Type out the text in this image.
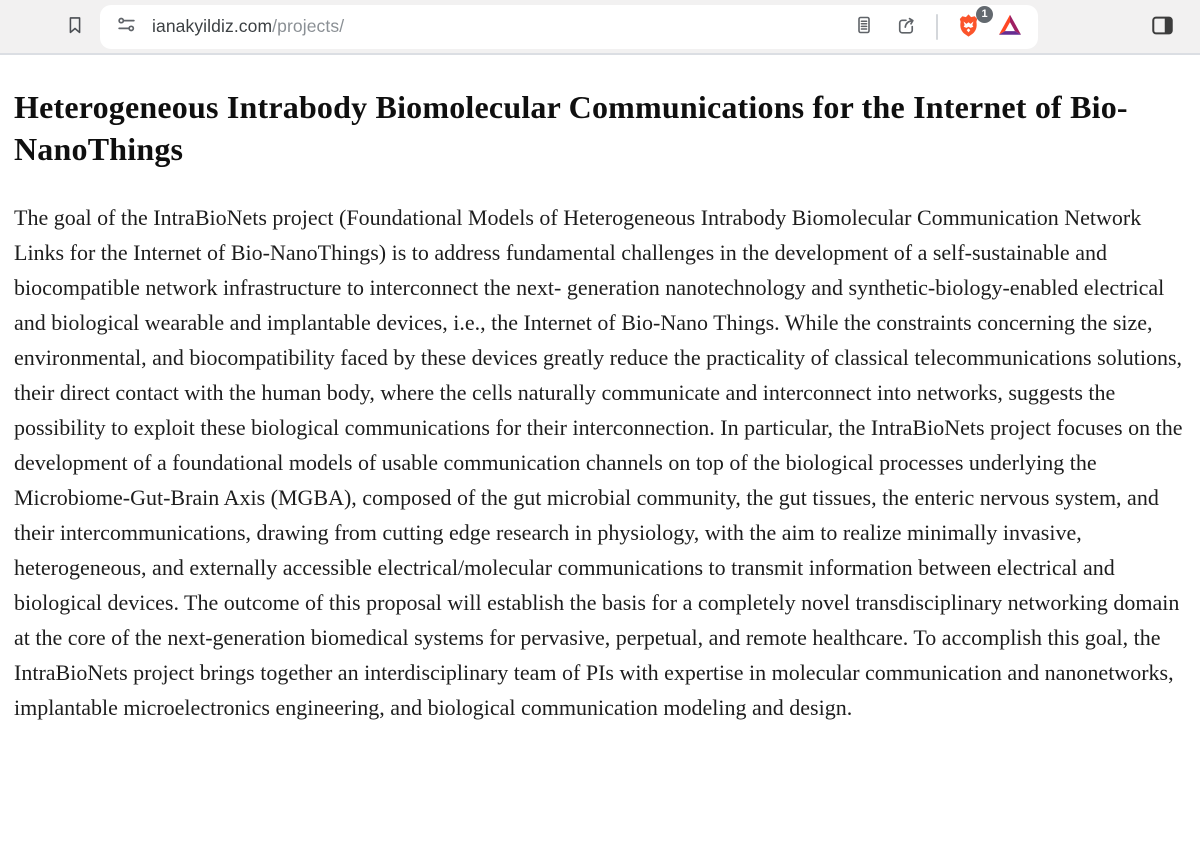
ianakyildiz.com/projects/
1
Heterogeneous Intrabody Biomolecular Communications for the Internet of Bio-NanoThings

The goal of the IntraBioNets project (Foundational Models of Heterogeneous Intrabody Biomolecular Communication Network Links for the Internet of Bio-NanoThings) is to address fundamental challenges in the development of a self-sustainable and biocompatible network infrastructure to interconnect the next- generation nanotechnology and synthetic-biology-enabled electrical and biological wearable and implantable devices, i.e., the Internet of Bio-Nano Things. While the constraints concerning the size, environmental, and biocompatibility faced by these devices greatly reduce the practicality of classical telecommunications solutions, their direct contact with the human body, where the cells naturally communicate and interconnect into networks, suggests the possibility to exploit these biological communications for their interconnection. In particular, the IntraBioNets project focuses on the development of a foundational models of usable communication channels on top of the biological processes underlying the Microbiome-Gut-Brain Axis (MGBA), composed of the gut microbial community, the gut tissues, the enteric nervous system, and their intercommunications, drawing from cutting edge research in physiology, with the aim to realize minimally invasive, heterogeneous, and externally accessible electrical/molecular communications to transmit information between electrical and biological devices. The outcome of this proposal will establish the basis for a completely novel transdisciplinary networking domain at the core of the next-generation biomedical systems for pervasive, perpetual, and remote healthcare. To accomplish this goal, the IntraBioNets project brings together an interdisciplinary team of PIs with expertise in molecular communication and nanonetworks, implantable microelectronics engineering, and biological communication modeling and design.
